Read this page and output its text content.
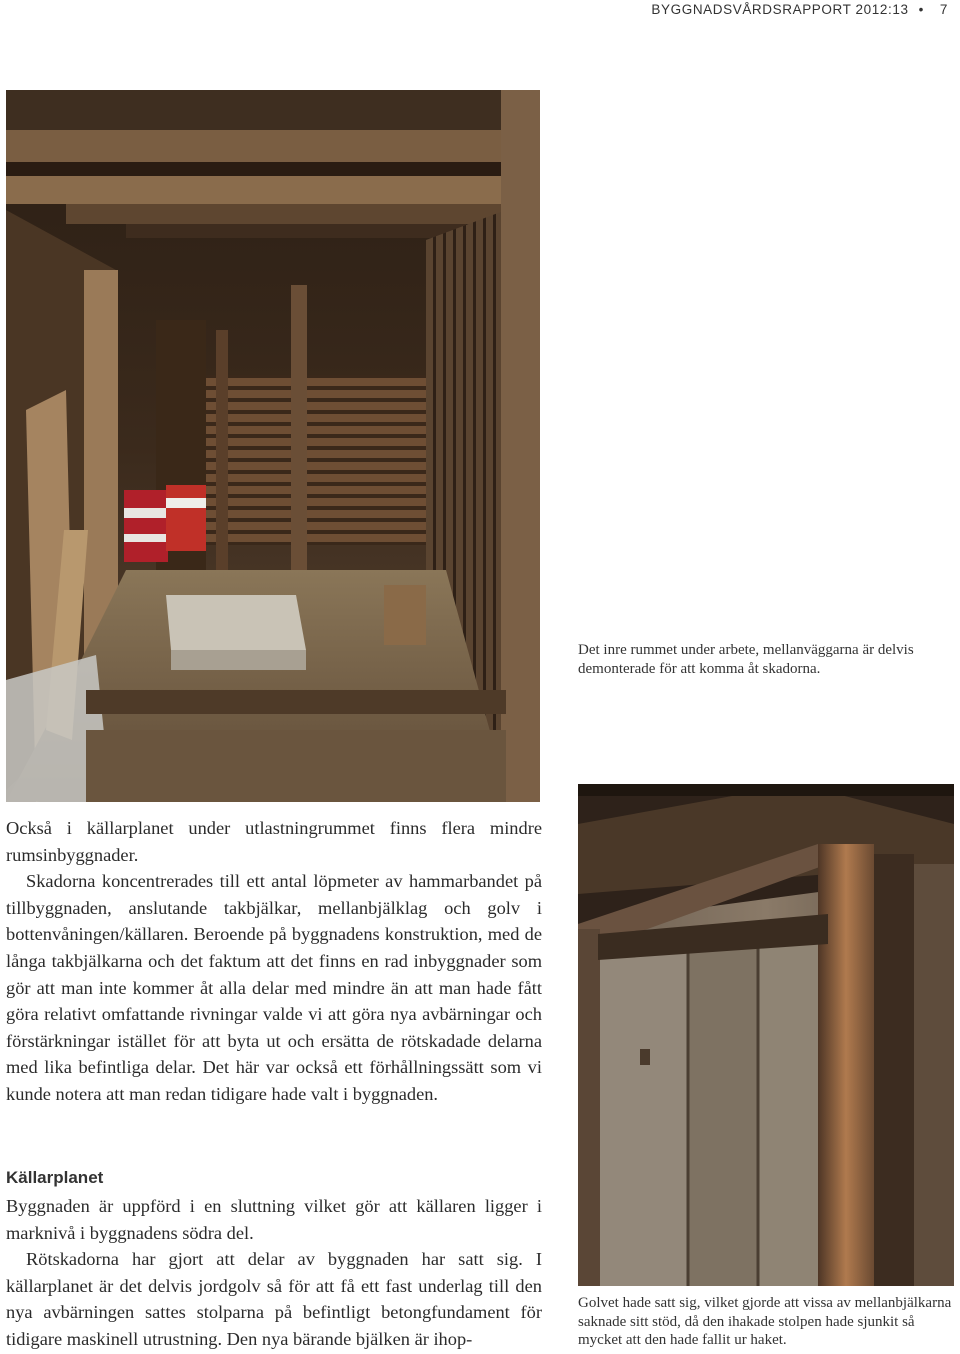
BYGGNADSVÅRDSRAPPORT 2012:13 • 7
Det inre rummet under arbete, mellanväggarna är delvis demonterade för att komma åt skadorna.
Golvet hade satt sig, vilket gjorde att vissa av mellanbjälkarna saknade sitt stöd, då den ihakade stolpen hade sjunkit så mycket att den hade fallit ur haket.

Också i källarplanet under utlastningrummet finns flera mindre rumsinbyggnader.

Skadorna koncentrerades till ett antal löpmeter av hammarbandet på tillbyggnaden, anslutande takbjälkar, mellanbjälklag och golv i bottenvåningen/källaren. Beroende på byggnadens konstruktion, med de långa takbjälkarna och det faktum att det finns en rad inbyggnader som gör att man inte kommer åt alla delar med mindre än att man hade fått göra relativt omfattande rivningar valde vi att göra nya avbärningar och förstärkningar istället för att byta ut och ersätta de rötskadade delarna med lika befintliga delar. Det här var också ett förhållningssätt som vi kunde notera att man redan tidigare hade valt i byggnaden.

Källarplanet

Byggnaden är uppförd i en sluttning vilket gör att källaren ligger i marknivå i byggnadens södra del.

Rötskadorna har gjort att delar av byggnaden har satt sig. I källarplanet är det delvis jordgolv så för att få ett fast underlag till den nya avbärningen sattes stolparna på befintligt betongfundament för tidigare maskinell utrustning. Den nya bärande bjälken är ihop-
